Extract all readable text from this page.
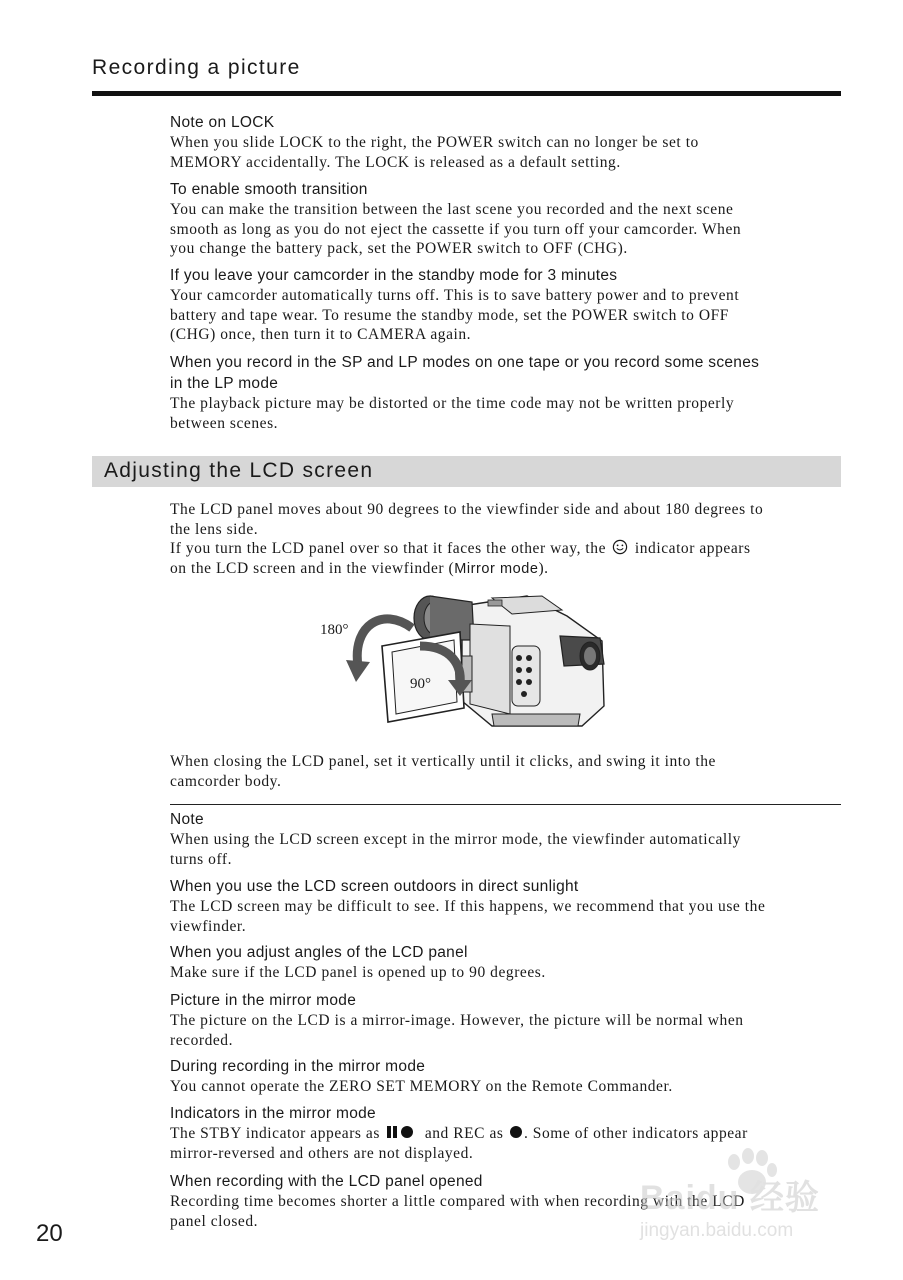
Recording a picture
Note on LOCK
When you slide LOCK to the right, the POWER switch can no longer be set to
MEMORY accidentally. The LOCK is released as a default setting.
To enable smooth transition
You can make the transition between the last scene you recorded and the next scene
smooth as long as you do not eject the cassette if you turn off your camcorder. When
you change the battery pack, set the POWER switch to OFF (CHG).
If you leave your camcorder in the standby mode for 3 minutes
Your camcorder automatically turns off. This is to save battery power and to prevent
battery and tape wear. To resume the standby mode, set the POWER switch to OFF
(CHG) once, then turn it to CAMERA again.
When you record in the SP and LP modes on one tape or you record some scenes
in the LP mode
The playback picture may be distorted or the time code may not be written properly
between scenes.
Adjusting the LCD screen
The LCD panel moves about 90 degrees to the viewfinder side and about 180 degrees to
the lens side.
If you turn the LCD panel over so that it faces the other way, the indicator appears
on the LCD screen and in the viewfinder (Mirror mode).
180°
90°
When closing the LCD panel, set it vertically until it clicks, and swing it into the
camcorder body.
Note
When using the LCD screen except in the mirror mode, the viewfinder automatically
turns off.
When you use the LCD screen outdoors in direct sunlight
The LCD screen may be difficult to see. If this happens, we recommend that you use the
viewfinder.
When you adjust angles of the LCD panel
Make sure if the LCD panel is opened up to 90 degrees.
Picture in the mirror mode
The picture on the LCD is a mirror-image. However, the picture will be normal when
recorded.
During recording in the mirror mode
You cannot operate the ZERO SET MEMORY on the Remote Commander.
Indicators in the mirror mode
The STBY indicator appears as	and REC as . Some of other indicators appear
mirror-reversed and others are not displayed.
When recording with the LCD panel opened
Recording time becomes shorter a little compared with when recording with the LCD
panel closed.
20
Baidu 经验
jingyan.baidu.com
